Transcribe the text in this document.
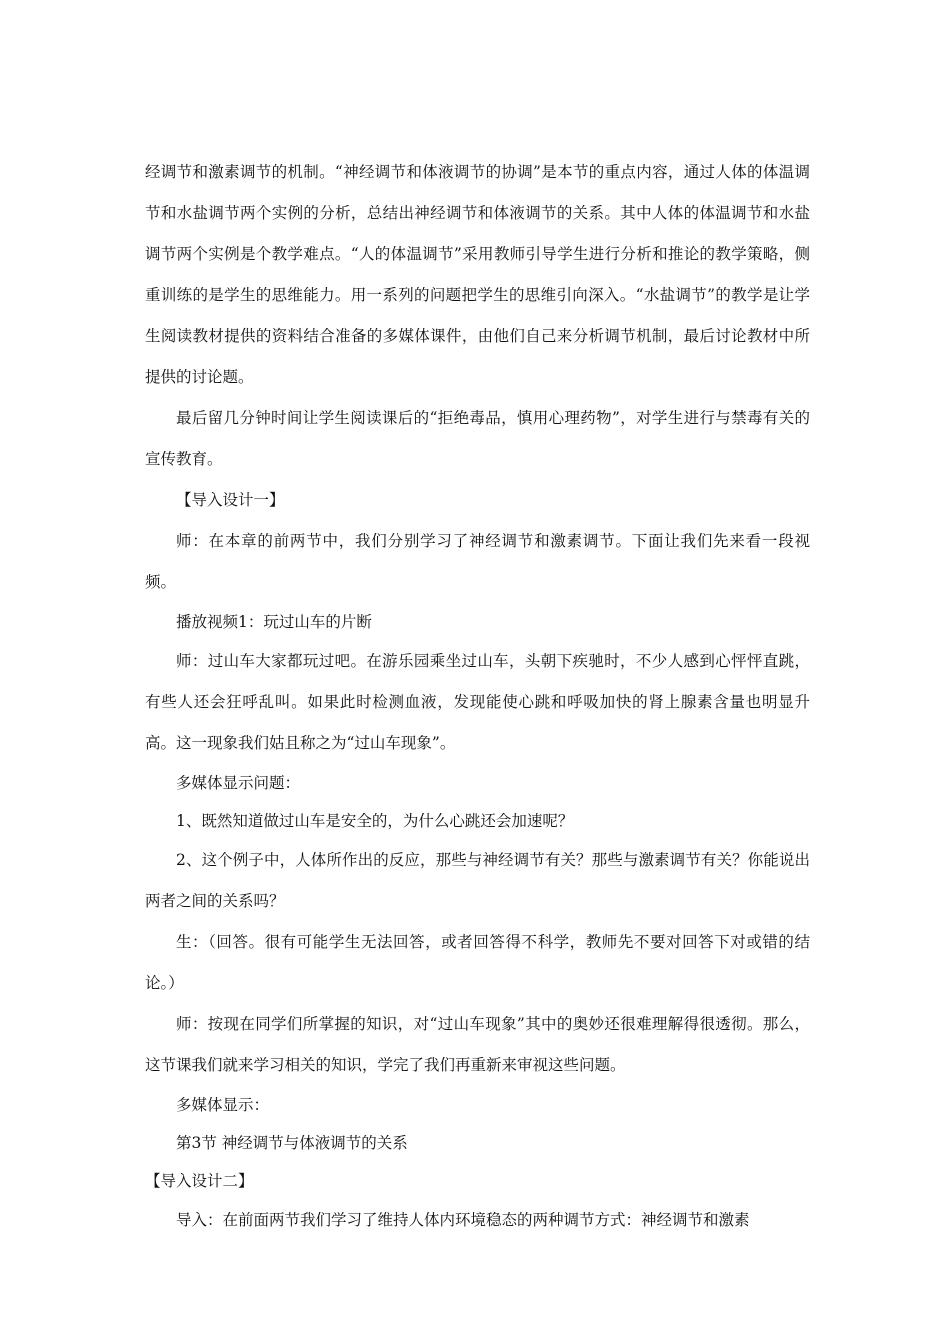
经调节和激素调节的机制。“神经调节和体液调节的协调”是本节的重点内容，通过人体的体温调节和水盐调节两个实例的分析，总结出神经调节和体液调节的关系。其中人体的体温调节和水盐调节两个实例是个教学难点。“人的体温调节”采用教师引导学生进行分析和推论的教学策略，侧重训练的是学生的思维能力。用一系列的问题把学生的思维引向深入。“水盐调节”的教学是让学生阅读教材提供的资料结合准备的多媒体课件，由他们自己来分析调节机制，最后讨论教材中所提供的讨论题。

最后留几分钟时间让学生阅读课后的“拒绝毒品，慎用心理药物”，对学生进行与禁毒有关的宣传教育。

【导入设计一】

师：在本章的前两节中，我们分别学习了神经调节和激素调节。下面让我们先来看一段视频。

播放视频1：玩过山车的片断

师：过山车大家都玩过吧。在游乐园乘坐过山车，头朝下疾驰时，不少人感到心怦怦直跳，有些人还会狂呼乱叫。如果此时检测血液，发现能使心跳和呼吸加快的肾上腺素含量也明显升高。这一现象我们姑且称之为“过山车现象”。

多媒体显示问题：

1、既然知道做过山车是安全的，为什么心跳还会加速呢？

2、这个例子中，人体所作出的反应，那些与神经调节有关？那些与激素调节有关？你能说出两者之间的关系吗？

生：（回答。很有可能学生无法回答，或者回答得不科学，教师先不要对回答下对或错的结论。）

师：按现在同学们所掌握的知识，对“过山车现象”其中的奥妙还很难理解得很透彻。那么，这节课我们就来学习相关的知识，学完了我们再重新来审视这些问题。

多媒体显示：

第3节 神经调节与体液调节的关系

【导入设计二】

导入：在前面两节我们学习了维持人体内环境稳态的两种调节方式：神经调节和激素
